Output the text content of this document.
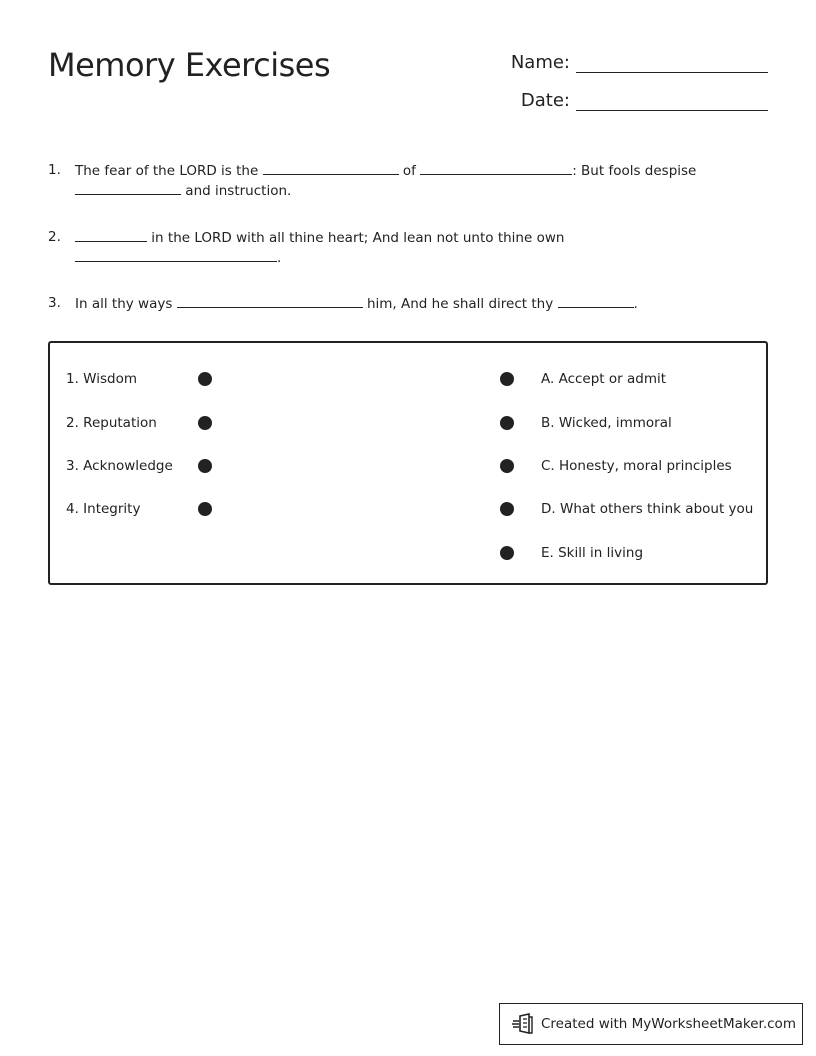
Memory Exercises	Name:
Date:
1.	The fear of the LORD is the	of	: But fools despise
and instruction.
2.	in the LORD with all thine heart; And lean not unto thine own
.
3.	In all thy ways	him, And he shall direct thy	.
1. Wisdom
2. Reputation
3. Acknowledge
4. Integrity
A. Accept or admit
B. Wicked, immoral
C. Honesty, moral principles
D. What others think about you
E. Skill in living
Created with MyWorksheetMaker.com
